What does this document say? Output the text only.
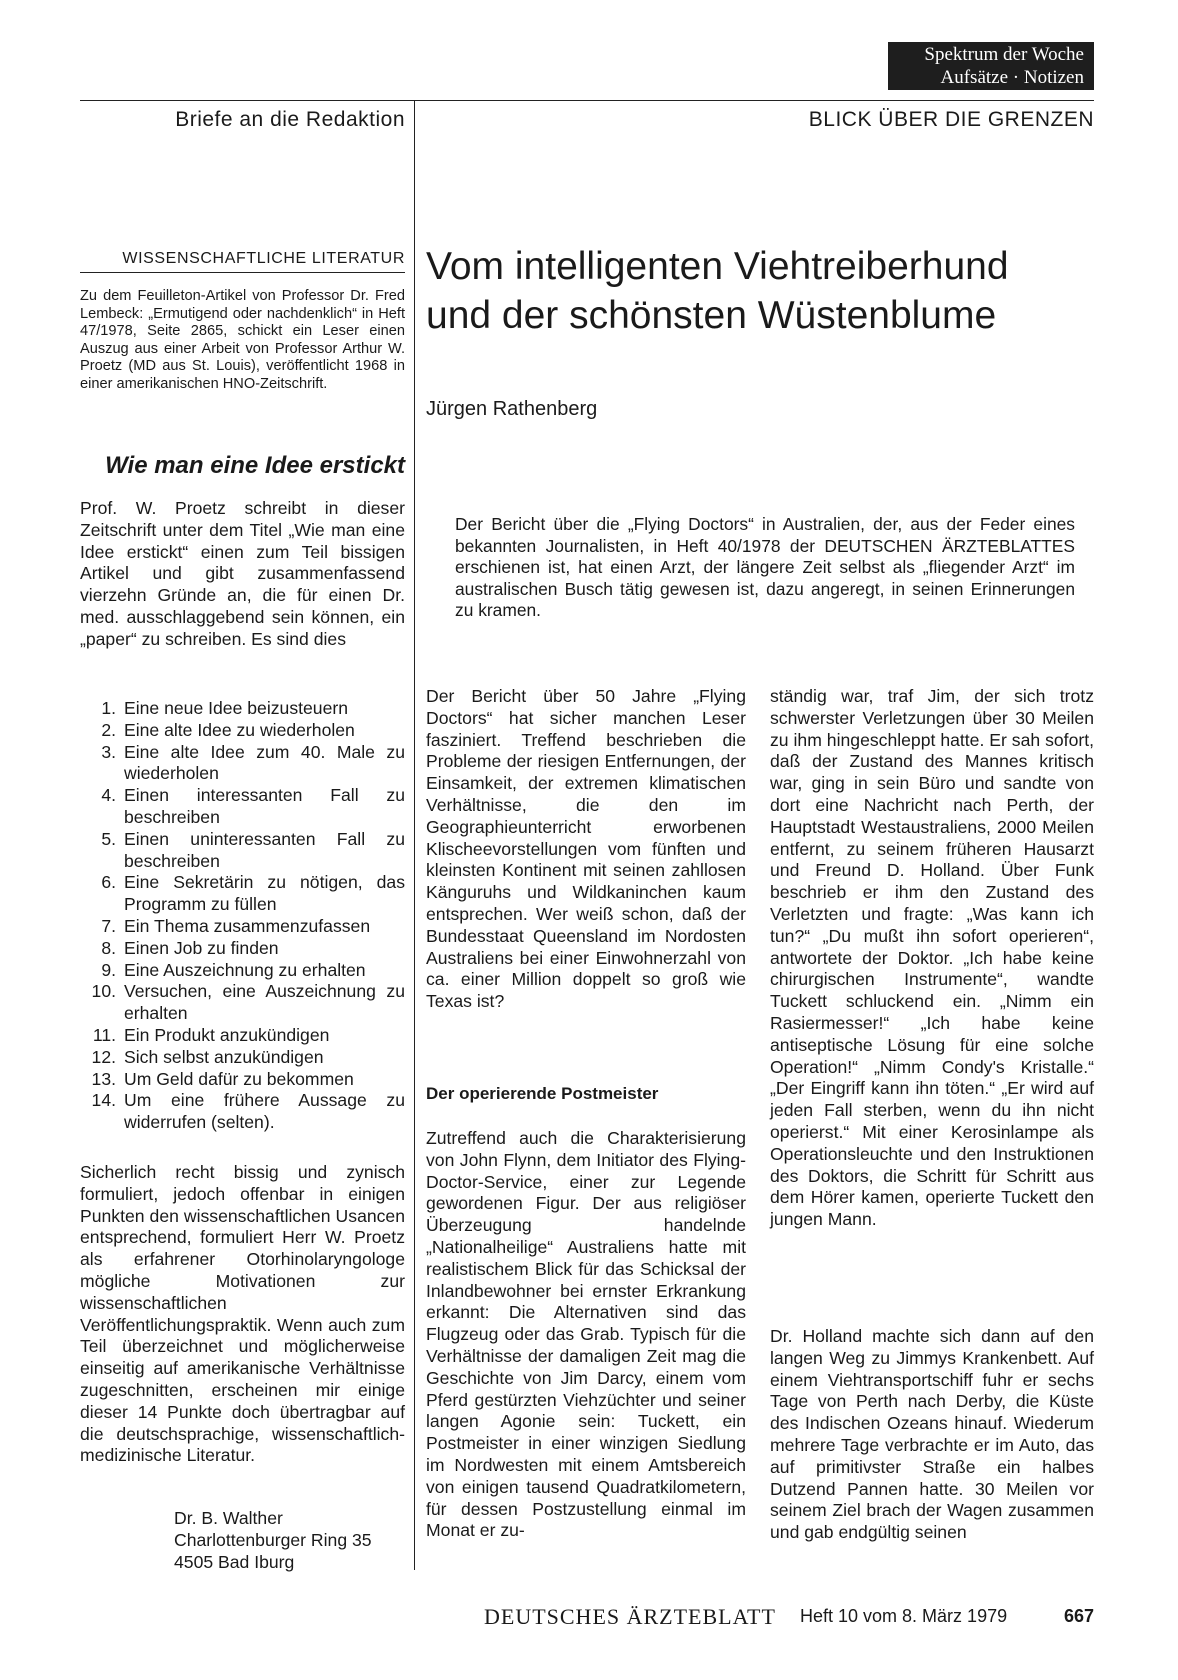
Spektrum der Woche
Aufsätze · Notizen
Briefe an die Redaktion	BLICK ÜBER DIE GRENZEN
WISSENSCHAFTLICHE LITERATUR
Zu dem Feuilleton-Artikel von Professor Dr. Fred Lembeck: „Ermutigend oder nachdenklich“ in Heft 47/1978, Seite 2865, schickt ein Leser einen Auszug aus einer Arbeit von Professor Arthur W. Proetz (MD aus St. Louis), veröffentlicht 1968 in einer amerikanischen HNO-Zeitschrift.
Wie man eine Idee erstickt
Prof. W. Proetz schreibt in dieser Zeitschrift unter dem Titel „Wie man eine Idee erstickt“ einen zum Teil bissigen Artikel und gibt zusammenfassend vierzehn Gründe an, die für einen Dr. med. ausschlaggebend sein können, ein „paper“ zu schreiben. Es sind dies
1. Eine neue Idee beizusteuern
2. Eine alte Idee zu wiederholen
3. Eine alte Idee zum 40. Male zu wiederholen
4. Einen interessanten Fall zu beschreiben
5. Einen uninteressanten Fall zu beschreiben
6. Eine Sekretärin zu nötigen, das Programm zu füllen
7. Ein Thema zusammenzufassen
8. Einen Job zu finden
9. Eine Auszeichnung zu erhalten
10. Versuchen, eine Auszeichnung zu erhalten
11. Ein Produkt anzukündigen
12. Sich selbst anzukündigen
13. Um Geld dafür zu bekommen
14. Um eine frühere Aussage zu widerrufen (selten).
Sicherlich recht bissig und zynisch formuliert, jedoch offenbar in einigen Punkten den wissenschaftlichen Usancen entsprechend, formuliert Herr W. Proetz als erfahrener Otorhinolaryngologe mögliche Motivationen zur wissenschaftlichen Veröffentlichungspraktik. Wenn auch zum Teil überzeichnet und möglicherweise einseitig auf amerikanische Verhältnisse zugeschnitten, erscheinen mir einige dieser 14 Punkte doch übertragbar auf die deutschsprachige, wissenschaftlich-medizinische Literatur.
Dr. B. Walther
Charlottenburger Ring 35
4505 Bad Iburg
Vom intelligenten Viehtreiberhund
und der schönsten Wüstenblume
Jürgen Rathenberg
Der Bericht über die „Flying Doctors“ in Australien, der, aus der Feder eines bekannten Journalisten, in Heft 40/1978 der DEUTSCHEN ÄRZTEBLATTES erschienen ist, hat einen Arzt, der längere Zeit selbst als „fliegender Arzt“ im australischen Busch tätig gewesen ist, dazu angeregt, in seinen Erinnerungen zu kramen.
Der Bericht über 50 Jahre „Flying Doctors“ hat sicher manchen Leser fasziniert. Treffend beschrieben die Probleme der riesigen Entfernungen, der Einsamkeit, der extremen klimatischen Verhältnisse, die den im Geographieunterricht erworbenen Klischeevorstellungen vom fünften und kleinsten Kontinent mit seinen zahllosen Känguruhs und Wildkaninchen kaum entsprechen. Wer weiß schon, daß der Bundesstaat Queensland im Nordosten Australiens bei einer Einwohnerzahl von ca. einer Million doppelt so groß wie Texas ist?
Der operierende Postmeister
Zutreffend auch die Charakterisierung von John Flynn, dem Initiator des Flying-Doctor-Service, einer zur Legende gewordenen Figur. Der aus religiöser Überzeugung handelnde „Nationalheilige“ Australiens hatte mit realistischem Blick für das Schicksal der Inlandbewohner bei ernster Erkrankung erkannt: Die Alternativen sind das Flugzeug oder das Grab. Typisch für die Verhältnisse der damaligen Zeit mag die Geschichte von Jim Darcy, einem vom Pferd gestürzten Viehzüchter und seiner langen Agonie sein: Tuckett, ein Postmeister in einer winzigen Siedlung im Nordwesten mit einem Amtsbereich von einigen tausend Quadratkilometern, für dessen Postzustellung einmal im Monat er zu-
ständig war, traf Jim, der sich trotz schwerster Verletzungen über 30 Meilen zu ihm hingeschleppt hatte. Er sah sofort, daß der Zustand des Mannes kritisch war, ging in sein Büro und sandte von dort eine Nachricht nach Perth, der Hauptstadt Westaustraliens, 2000 Meilen entfernt, zu seinem früheren Hausarzt und Freund D. Holland. Über Funk beschrieb er ihm den Zustand des Verletzten und fragte: „Was kann ich tun?“ „Du mußt ihn sofort operieren“, antwortete der Doktor. „Ich habe keine chirurgischen Instrumente“, wandte Tuckett schluckend ein. „Nimm ein Rasiermesser!“ „Ich habe keine antiseptische Lösung für eine solche Operation!“ „Nimm Condy's Kristalle.“ „Der Eingriff kann ihn töten.“ „Er wird auf jeden Fall sterben, wenn du ihn nicht operierst.“ Mit einer Kerosinlampe als Operationsleuchte und den Instruktionen des Doktors, die Schritt für Schritt aus dem Hörer kamen, operierte Tuckett den jungen Mann.
Dr. Holland machte sich dann auf den langen Weg zu Jimmys Krankenbett. Auf einem Viehtransportschiff fuhr er sechs Tage von Perth nach Derby, die Küste des Indischen Ozeans hinauf. Wiederum mehrere Tage verbrachte er im Auto, das auf primitivster Straße ein halbes Dutzend Pannen hatte. 30 Meilen vor seinem Ziel brach der Wagen zusammen und gab endgültig seinen
DEUTSCHES ÄRZTEBLATT Heft 10 vom 8. März 1979	667
